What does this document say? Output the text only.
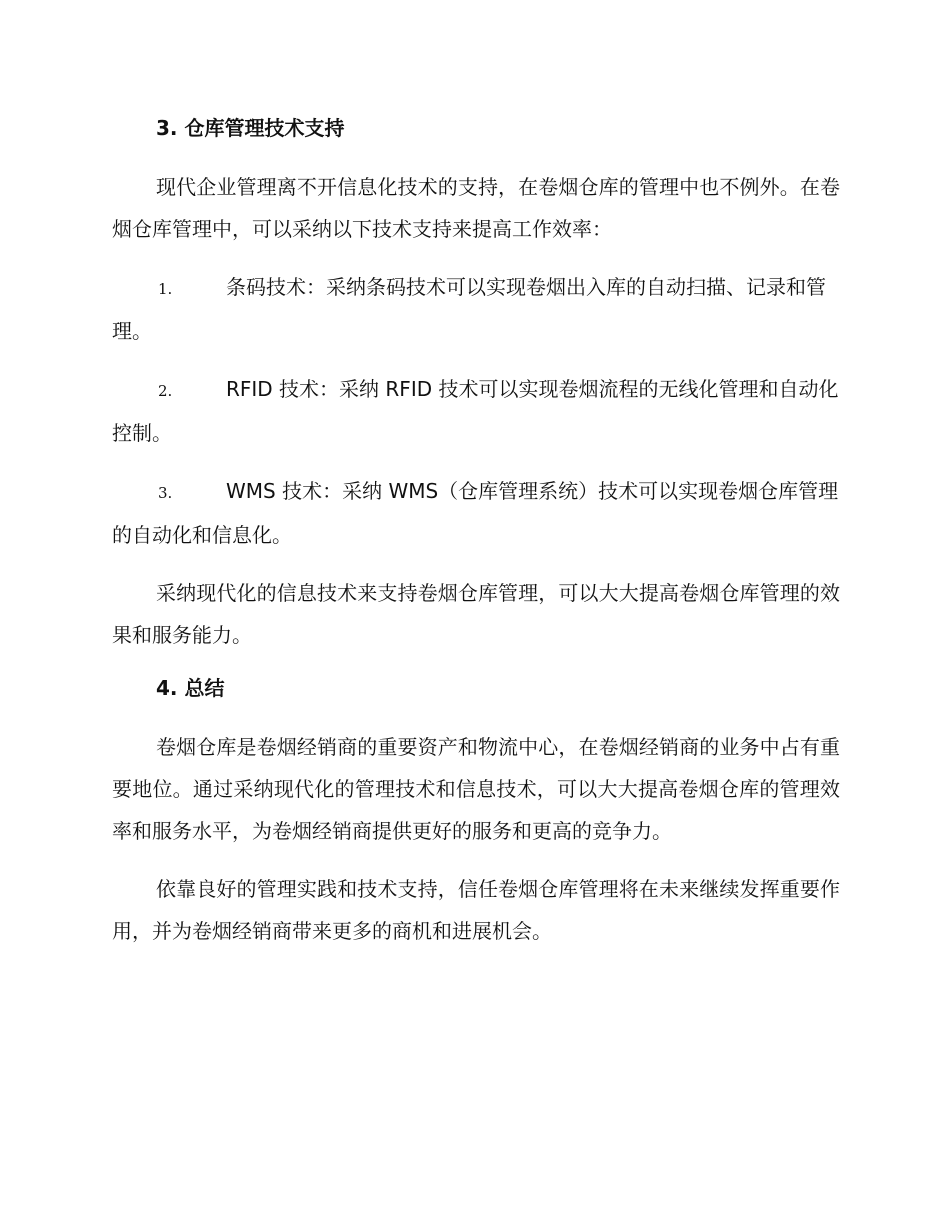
3. 仓库管理技术支持

现代企业管理离不开信息化技术的支持，在卷烟仓库的管理中也不例外。在卷烟仓库管理中，可以采纳以下技术支持来提高工作效率：

1.	条码技术：采纳条码技术可以实现卷烟出入库的自动扫描、记录和管理。
2.	RFID 技术：采纳 RFID 技术可以实现卷烟流程的无线化管理和自动化控制。
3.	WMS 技术：采纳 WMS（仓库管理系统）技术可以实现卷烟仓库管理的自动化和信息化。

采纳现代化的信息技术来支持卷烟仓库管理，可以大大提高卷烟仓库管理的效果和服务能力。

4. 总结

卷烟仓库是卷烟经销商的重要资产和物流中心，在卷烟经销商的业务中占有重要地位。通过采纳现代化的管理技术和信息技术，可以大大提高卷烟仓库的管理效率和服务水平，为卷烟经销商提供更好的服务和更高的竞争力。

依靠良好的管理实践和技术支持，信任卷烟仓库管理将在未来继续发挥重要作用，并为卷烟经销商带来更多的商机和进展机会。
